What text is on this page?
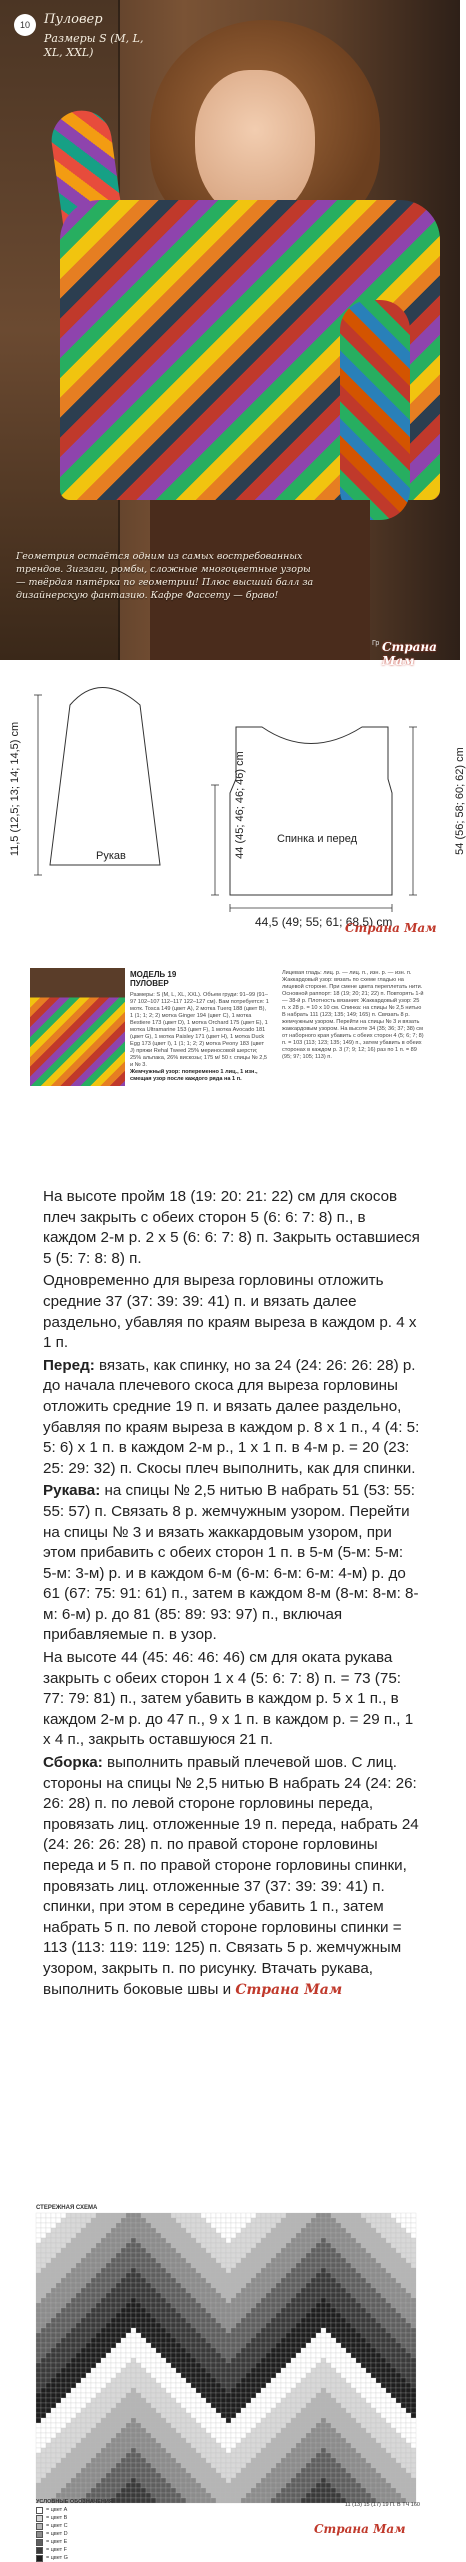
10	Пуловер
Размеры S (M, L, XL, XXL)
Геометрия остаётся одним из самых востребованных трендов. Зигзаги, ромбы, сложные многоцветные узоры — твёрдая пятёрка по геометрии! Плюс высший балл за дизайнерскую фантазию. Кафре Фассету — браво!
Гр Страна Мам
Рукав
Спинка и перед
11,5 (12,5; 13; 14; 14,5) cm	44 (45; 46; 46; 46) cm	54 (56; 58; 60; 62) cm
44,5 (49; 55; 61; 68,5) cm
Страна Мам
МОДЕЛЬ 19
ПУЛОВЕР
Размеры: S (M, L, XL, XXL). Объем груди: 91–99 (91–97 102–107 112–117 122–127 см). Вам потребуется: 1 мотк. Tosca 149 (цвет А), 2 мотка Tuerq 188 (цвет В), 1 (1; 1; 2; 2) мотка Ginger 194 (цвет С), 1 мотка Bestiere 173 (цвет D), 1 мотка Orchard 175 (цвет Е), 1 мотка Ultramarine 153 (цвет F), 1 мотка Avocado 181 (цвет G), 1 мотка Paisley 171 (цвет Н), 1 мотка Duck Egg 173 (цвет I), 1 (1; 1; 2; 2) мотка Peony 183 (цвет J) пряжи Rehal Tweed 25% мериносовой шерсти; 25% альпака, 26% вискозы; 175 м/ 50 г. спицы № 2,5 и № 3.
Жемчужный узор: попеременно 1 лиц., 1 изн., смещая узор после каждого ряда на 1 п.
Лицевая гладь: лиц. р. — лиц. п., изн. р. — изн. п. Жаккардовый узор: вязать по схеме гладью на лицевой стороне. При смене цвета переплетать нити. Основной раппорт: 18 (19; 20; 21; 22) п. Повторять 1-й — 38-й р. Плотность вязания: Жаккардовый узор: 25 п. х 28 р. = 10 х 10 см. Спинка: на спицы № 2,5 нитью В набрать 111 (123; 135; 149; 165) п. Связать 8 р. жемчужным узором. Перейти на спицы № 3 и вязать жаккардовым узором. На высоте 34 (35; 36; 37; 38) см от наборного края убавить с обеих сторон 4 (5; 6; 7; 8) п. = 103 (113; 123; 135; 149) п., затем убавить в обеих сторонах в каждом р. 3 (7; 9; 12; 16) раз по 1 п. = 89 (95; 97; 105; 113) п.

На высоте пройм 18 (19: 20: 21: 22) см для скосов плеч закрыть с обеих сторон 5 (6: 6: 7: 8) п., в каждом 2-м р. 2 x 5 (6: 6: 7: 8) п. Закрыть оставшиеся 5 (5: 7: 8: 8) п.

Одновременно для выреза горловины отложить средние 37 (37: 39: 39: 41) п. и вязать далее раздельно, убавляя по краям выреза в каждом р. 4 x 1 п.

Перед: вязать, как спинку, но за 24 (24: 26: 26: 28) р. до начала плечевого скоса для выреза горловины отложить средние 19 п. и вязать далее раздельно, убавляя по краям выреза в каждом р. 8 x 1 п., 4 (4: 5: 5: 6) x 1 п. в каждом 2-м р., 1 x 1 п. в 4-м р. = 20 (23: 25: 29: 32) п. Скосы плеч выполнить, как для спинки.

Рукава: на спицы № 2,5 нитью В набрать 51 (53: 55: 55: 57) п. Связать 8 р. жемчужным узором. Перейти на спицы № 3 и вязать жаккардовым узором, при этом прибавить с обеих сторон 1 п. в 5-м (5-м: 5-м: 5-м: 3-м) р. и в каждом 6-м (6-м: 6-м: 6-м: 4-м) р. до 61 (67: 75: 91: 61) п., затем в каждом 8-м (8-м: 8-м: 8-м: 6-м) р. до 81 (85: 89: 93: 97) п., включая прибавляемые п. в узор.

На высоте 44 (45: 46: 46: 46) см для оката рукава закрыть с обеих сторон 1 x 4 (5: 6: 7: 8) п. = 73 (75: 77: 79: 81) п., затем убавить в каждом р. 5 x 1 п., в каждом 2-м р. до 47 п., 9 x 1 п. в каждом р. = 29 п., 1 x 4 п., закрыть оставшуюся 21 п.

Сборка: выполнить правый плечевой шов. С лиц. стороны на спицы № 2,5 нитью В набрать 24 (24: 26: 26: 28) п. по левой стороне горловины переда, провязать лиц. отложенные 19 п. переда, набрать 24 (24: 26: 26: 28) п. по правой стороне горловины переда и 5 п. по правой стороне горловины спинки, провязать лиц. отложенные 37 (37: 39: 39: 41) п. спинки, при этом в середине убавить 1 п., затем набрать 5 п. по левой стороне горловины спинки = 113 (113: 119: 119: 125) п. Связать 5 р. жемчужным узором, закрыть п. по рисунку. Втачать рукава, выполнить боковые швы и Страна Мам

СТЕРЕЖНАЯ СХЕМА
УСЛОВНЫЕ ОБОЗНАЧЕНИЯ
= цвет А
= цвет В
= цвет С
= цвет D
= цвет Е
= цвет F
= цвет G
11 (13) 15 (17) 19 П. В ТЧ 160
Страна Мам
